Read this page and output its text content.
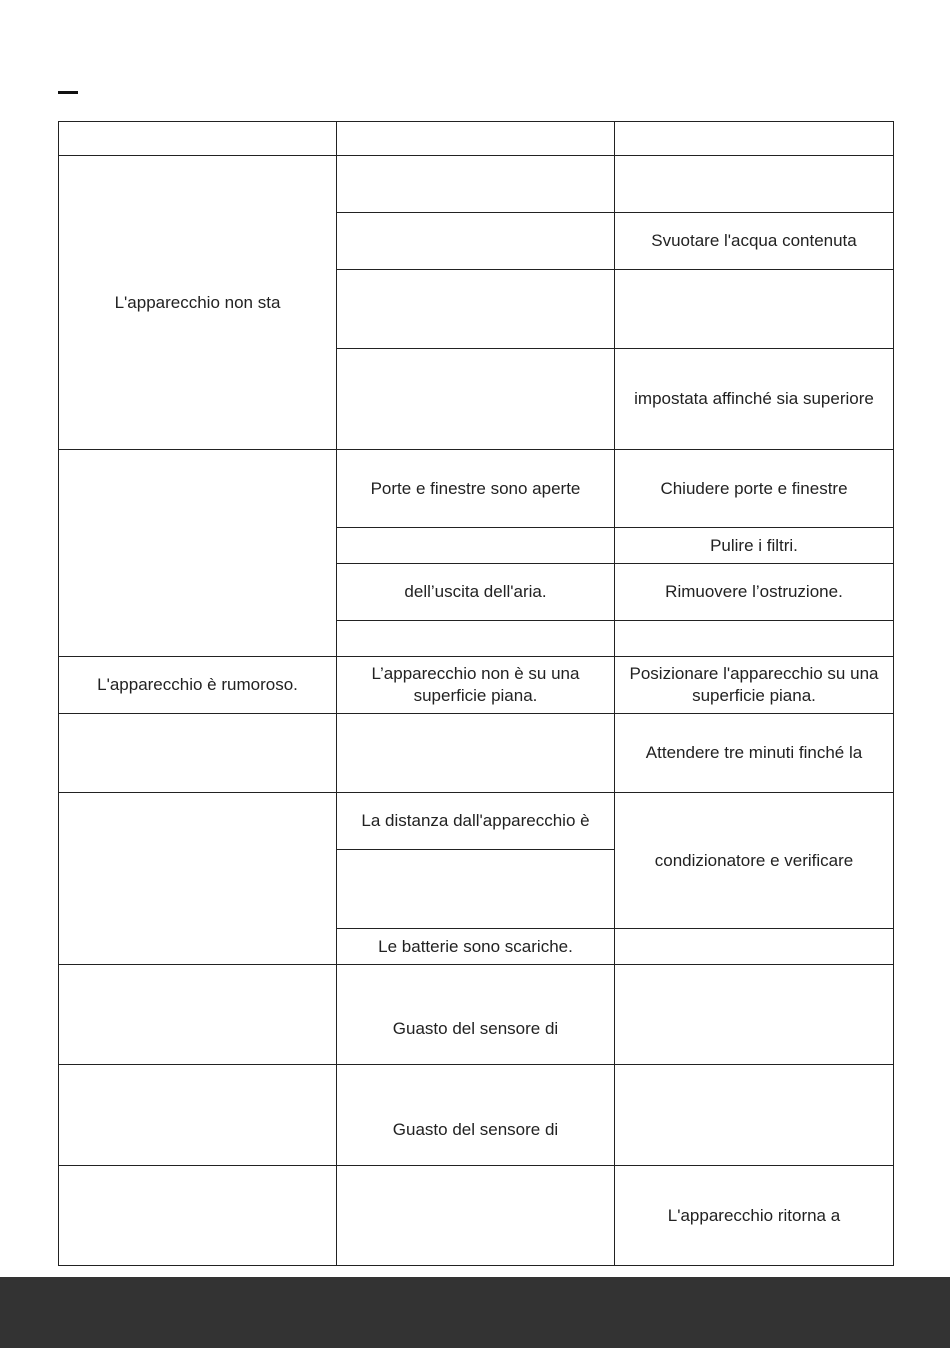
L'apparecchio non sta		
		Svuotare l'acqua contenuta

		impostata affinché sia superiore
	Porte e finestre sono aperte	Chiudere porte e finestre
		Pulire i filtri.
	dell’uscita dell'aria.	Rimuovere l’ostruzione.

L'apparecchio è rumoroso.	L’apparecchio non è su una superficie piana.	Posizionare l'apparecchio su una superficie piana.
		Attendere tre minuti finché la
	La distanza dall'apparecchio è	condizionatore e verificare

	Le batterie sono scariche.	
	Guasto del sensore di	
	Guasto del sensore di	
		L'apparecchio ritorna a
